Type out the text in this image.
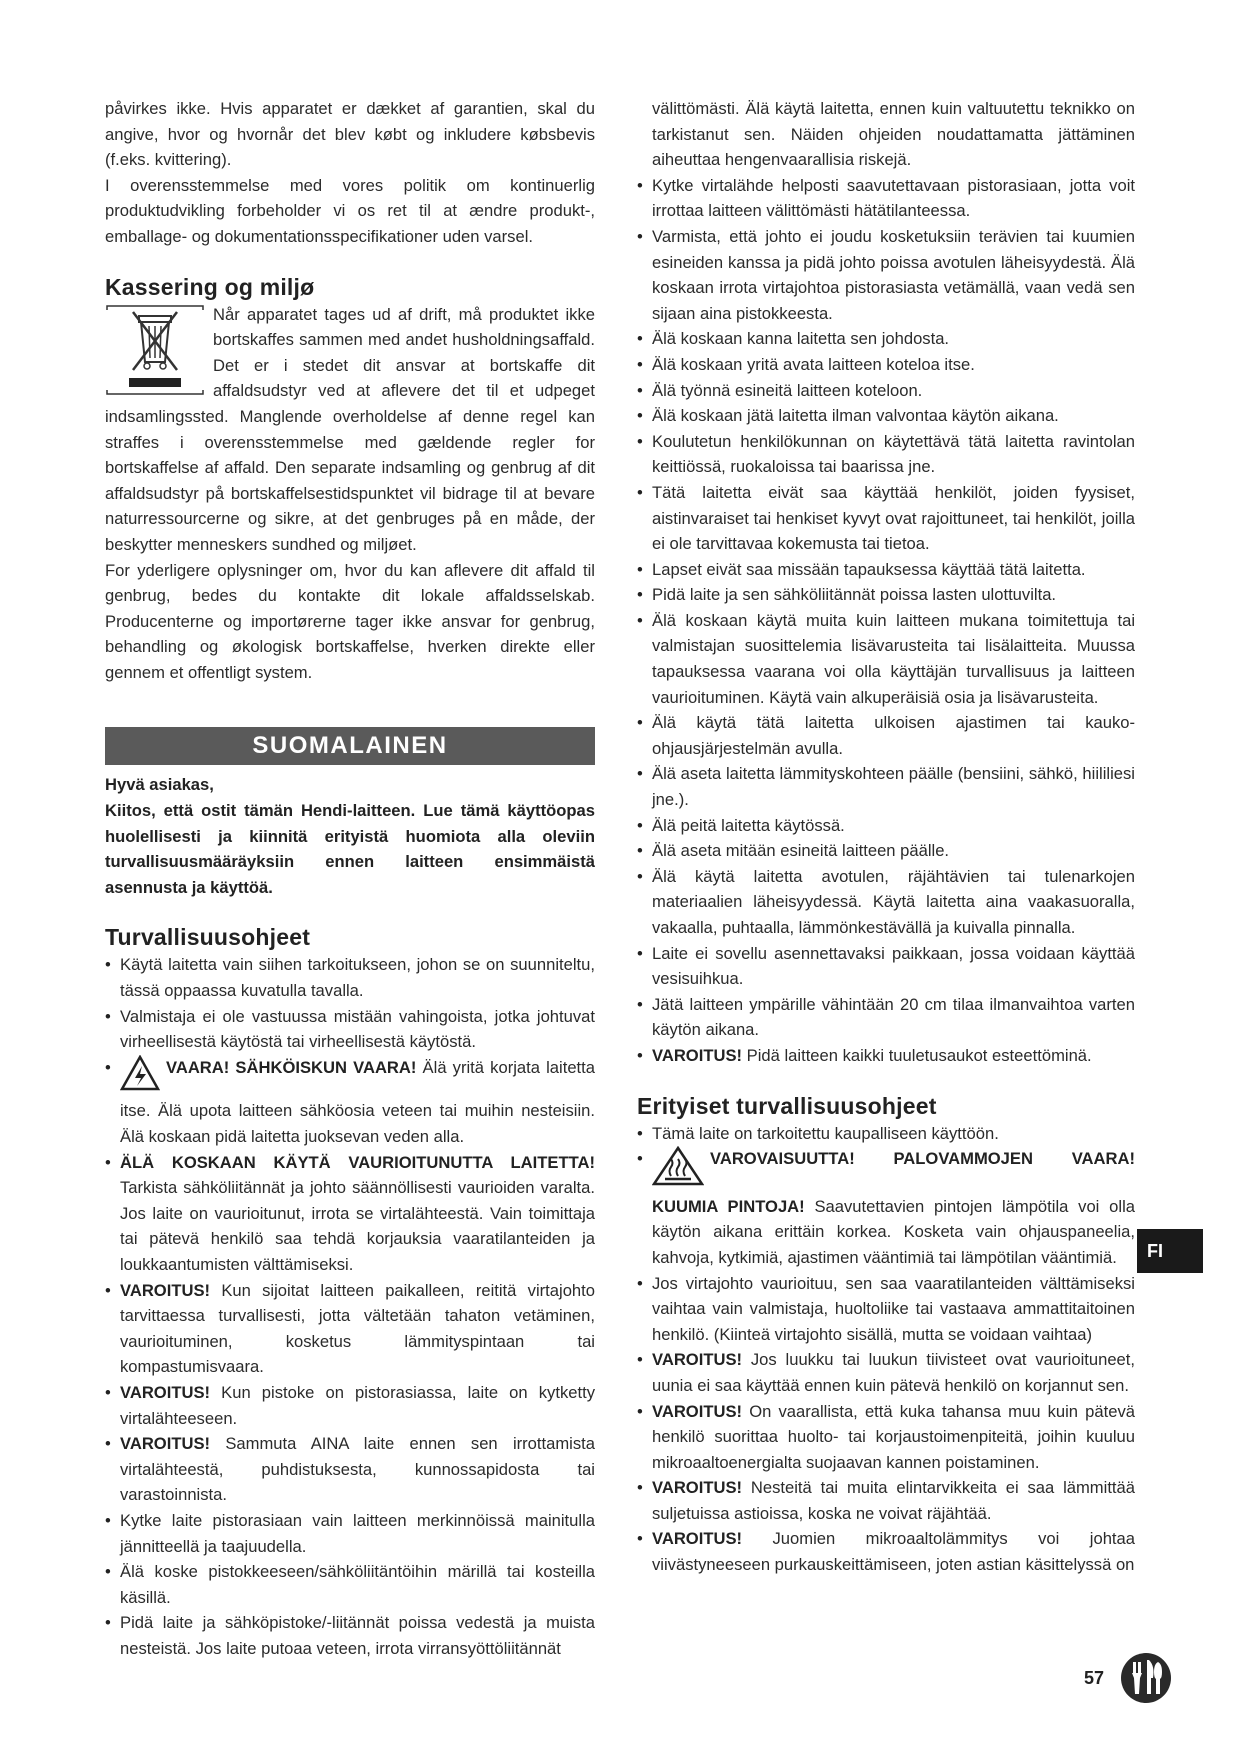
påvirkes ikke. Hvis apparatet er dækket af garantien, skal du angive, hvor og hvornår det blev købt og inkludere købsbevis (f.eks. kvittering).

I overensstemmelse med vores politik om kontinuerlig produktudvikling forbeholder vi os ret til at ændre produkt-, emballage- og dokumentationsspecifikationer uden varsel.

Kassering og miljø

Når apparatet tages ud af drift, må produktet ikke bortskaffes sammen med andet husholdningsaffald. Det er i stedet dit ansvar at bortskaffe dit affaldsudstyr ved at aflevere det til et udpeget indsamlingssted. Manglende overholdelse af denne regel kan straffes i overensstemmelse med gældende regler for bortskaffelse af affald. Den separate indsamling og genbrug af dit affaldsudstyr på bortskaffelsestidspunktet vil bidrage til at bevare naturressourcerne og sikre, at det genbruges på en måde, der beskytter menneskers sundhed og miljøet.

For yderligere oplysninger om, hvor du kan aflevere dit affald til genbrug, bedes du kontakte dit lokale affaldsselskab. Producenterne og importørerne tager ikke ansvar for genbrug, behandling og økologisk bortskaffelse, hverken direkte eller gennem et offentligt system.

SUOMALAINEN

Hyvä asiakas,

Kiitos, että ostit tämän Hendi-laitteen. Lue tämä käyttöopas huolellisesti ja kiinnitä erityistä huomiota alla oleviin turvallisuusmääräyksiin ennen laitteen ensimmäistä asennusta ja käyttöä.

Turvallisuusohjeet
• Käytä laitetta vain siihen tarkoitukseen, johon se on suunniteltu, tässä oppaassa kuvatulla tavalla.
• Valmistaja ei ole vastuussa mistään vahingoista, jotka johtuvat virheellisestä käytöstä tai virheellisestä käytöstä.
• VAARA! SÄHKÖISKUN VAARA! Älä yritä korjata laitetta itse. Älä upota laitteen sähköosia veteen tai muihin nesteisiin. Älä koskaan pidä laitetta juoksevan veden alla.
• ÄLÄ KOSKAAN KÄYTÄ VAURIOITUNUTTA LAITETTA! Tarkista sähköliitännät ja johto säännöllisesti vaurioiden varalta. Jos laite on vaurioitunut, irrota se virtalähteestä. Vain toimittaja tai pätevä henkilö saa tehdä korjauksia vaaratilanteiden ja loukkaantumisten välttämiseksi.
• VAROITUS! Kun sijoitat laitteen paikalleen, reititä virtajohto tarvittaessa turvallisesti, jotta vältetään tahaton vetäminen, vaurioituminen, kosketus lämmityspintaan tai kompastumisvaara.
• VAROITUS! Kun pistoke on pistorasiassa, laite on kytketty virtalähteeseen.
• VAROITUS! Sammuta AINA laite ennen sen irrottamista virtalähteestä, puhdistuksesta, kunnossapidosta tai varastoinnista.
• Kytke laite pistorasiaan vain laitteen merkinnöissä mainitulla jännitteellä ja taajuudella.
• Älä koske pistokkeeseen/sähköliitäntöihin märillä tai kosteilla käsillä.
• Pidä laite ja sähköpistoke/-liitännät poissa vedestä ja muista nesteistä. Jos laite putoaa veteen, irrota virransyöttöliitännät

välittömästi. Älä käytä laitetta, ennen kuin valtuutettu teknikko on tarkistanut sen. Näiden ohjeiden noudattamatta jättäminen aiheuttaa hengenvaarallisia riskejä.

• Kytke virtalähde helposti saavutettavaan pistorasiaan, jotta voit irrottaa laitteen välittömästi hätätilanteessa.
• Varmista, että johto ei joudu kosketuksiin terävien tai kuumien esineiden kanssa ja pidä johto poissa avotulen läheisyydestä. Älä koskaan irrota virtajohtoa pistorasiasta vetämällä, vaan vedä sen sijaan aina pistokkeesta.
• Älä koskaan kanna laitetta sen johdosta.
• Älä koskaan yritä avata laitteen koteloa itse.
• Älä työnnä esineitä laitteen koteloon.
• Älä koskaan jätä laitetta ilman valvontaa käytön aikana.
• Koulutetun henkilökunnan on käytettävä tätä laitetta ravintolan keittiössä, ruokaloissa tai baarissa jne.
• Tätä laitetta eivät saa käyttää henkilöt, joiden fyysiset, aistinvaraiset tai henkiset kyvyt ovat rajoittuneet, tai henkilöt, joilla ei ole tarvittavaa kokemusta tai tietoa.
• Lapset eivät saa missään tapauksessa käyttää tätä laitetta.
• Pidä laite ja sen sähköliitännät poissa lasten ulottuvilta.
• Älä koskaan käytä muita kuin laitteen mukana toimitettuja tai valmistajan suosittelemia lisävarusteita tai lisälaitteita. Muussa tapauksessa vaarana voi olla käyttäjän turvallisuus ja laitteen vaurioituminen. Käytä vain alkuperäisiä osia ja lisävarusteita.
• Älä käytä tätä laitetta ulkoisen ajastimen tai kauko-ohjausjärjestelmän avulla.
• Älä aseta laitetta lämmityskohteen päälle (bensiini, sähkö, hiililiesi jne.).
• Älä peitä laitetta käytössä.
• Älä aseta mitään esineitä laitteen päälle.
• Älä käytä laitetta avotulen, räjähtävien tai tulenarkojen materiaalien läheisyydessä. Käytä laitetta aina vaakasuoralla, vakaalla, puhtaalla, lämmönkestävällä ja kuivalla pinnalla.
• Laite ei sovellu asennettavaksi paikkaan, jossa voidaan käyttää vesisuihkua.
• Jätä laitteen ympärille vähintään 20 cm tilaa ilmanvaihtoa varten käytön aikana.
• VAROITUS! Pidä laitteen kaikki tuuletusaukot esteettöminä.
Erityiset turvallisuusohjeet
• Tämä laite on tarkoitettu kaupalliseen käyttöön.
• VAROVAISUUTTA! PALOVAMMOJEN VAARA! KUUMIA PINTOJA! Saavutettavien pintojen lämpötila voi olla käytön aikana erittäin korkea. Kosketa vain ohjauspaneelia, kahvoja, kytkimiä, ajastimen vääntimiä tai lämpötilan vääntimiä.
• Jos virtajohto vaurioituu, sen saa vaaratilanteiden välttämiseksi vaihtaa vain valmistaja, huoltoliike tai vastaava ammattitaitoinen henkilö. (Kiinteä virtajohto sisällä, mutta se voidaan vaihtaa)
• VAROITUS! Jos luukku tai luukun tiivisteet ovat vaurioituneet, uunia ei saa käyttää ennen kuin pätevä henkilö on korjannut sen.
• VAROITUS! On vaarallista, että kuka tahansa muu kuin pätevä henkilö suorittaa huolto- tai korjaustoimenpiteitä, joihin kuuluu mikroaaltoenergialta suojaavan kannen poistaminen.
• VAROITUS! Nesteitä tai muita elintarvikkeita ei saa lämmittää suljetuissa astioissa, koska ne voivat räjähtää.
• VAROITUS! Juomien mikroaaltolämmitys voi johtaa viivästyneeseen purkauskeittämiseen, joten astian käsittelyssä on
FI
57
